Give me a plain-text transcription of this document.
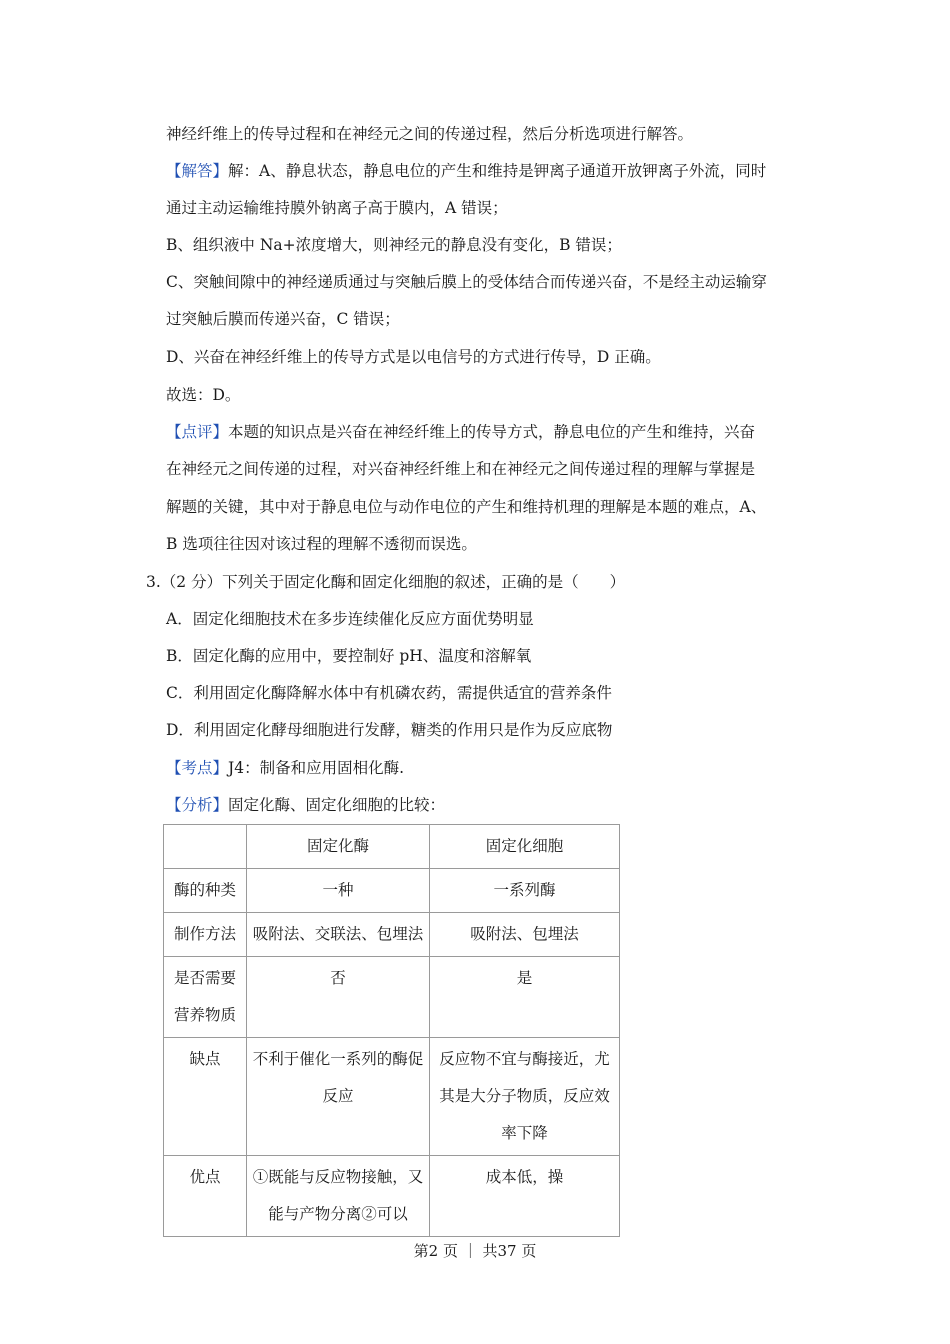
神经纤维上的传导过程和在神经元之间的传递过程，然后分析选项进行解答。
【解答】解：A、静息状态，静息电位的产生和维持是钾离子通道开放钾离子外流，同时
通过主动运输维持膜外钠离子高于膜内，A 错误；
B、组织液中 Na+浓度增大，则神经元的静息没有变化，B 错误；
C、突触间隙中的神经递质通过与突触后膜上的受体结合而传递兴奋，不是经主动运输穿
过突触后膜而传递兴奋，C 错误；
D、兴奋在神经纤维上的传导方式是以电信号的方式进行传导，D 正确。
故选：D。
【点评】本题的知识点是兴奋在神经纤维上的传导方式，静息电位的产生和维持，兴奋
在神经元之间传递的过程，对兴奋神经纤维上和在神经元之间传递过程的理解与掌握是
解题的关键，其中对于静息电位与动作电位的产生和维持机理的理解是本题的难点，A、
B 选项往往因对该过程的理解不透彻而误选。
3.（2 分）下列关于固定化酶和固定化细胞的叙述，正确的是（　　）
A．固定化细胞技术在多步连续催化反应方面优势明显
B．固定化酶的应用中，要控制好 pH、温度和溶解氧
C．利用固定化酶降解水体中有机磷农药，需提供适宜的营养条件
D．利用固定化酵母细胞进行发酵，糖类的作用只是作为反应底物
【考点】J4：制备和应用固相化酶.
【分析】固定化酶、固定化细胞的比较：
	固定化酶	固定化细胞
酶的种类	一种	一系列酶
制作方法	吸附法、交联法、包埋法	吸附法、包埋法
是否需要营养物质	否	是
缺点	不利于催化一系列的酶促反应	反应物不宜与酶接近，尤其是大分子物质，反应效率下降
优点	①既能与反应物接触，又能与产物分离②可以	成本低，操
第2 页 ｜ 共37 页
